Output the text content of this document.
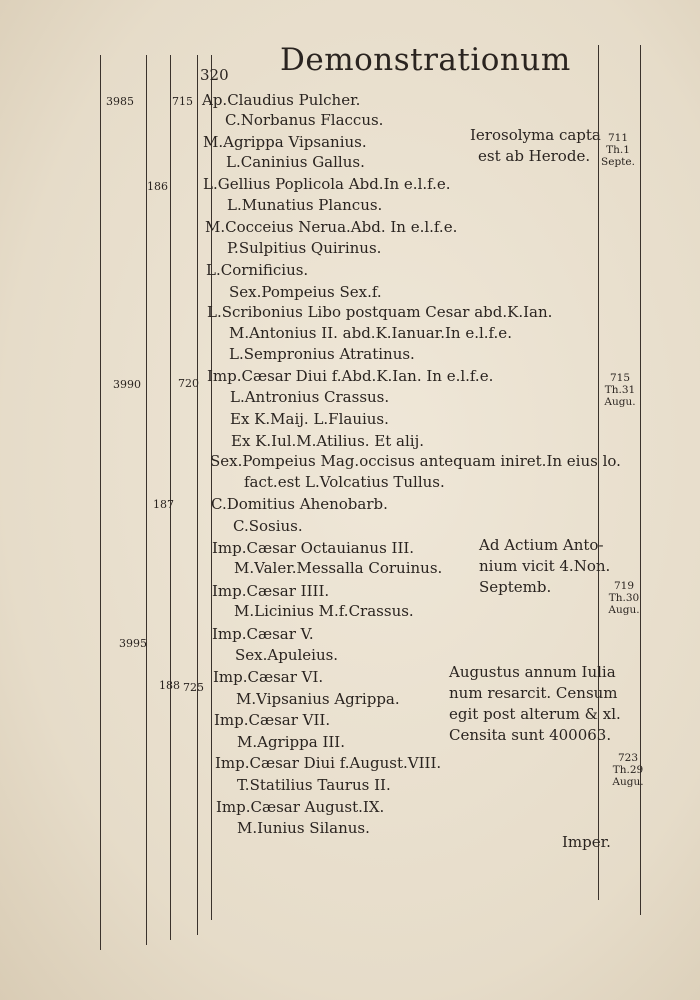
320 Demonstrationum
3985
3990
3995
186
187
188
715
720
725
Ap.Claudius Pulcher.
C.Norbanus Flaccus.
M.Agrippa Vipsanius.
L.Caninius Gallus.
L.Gellius Poplicola Abd.In e.l.f.e.
L.Munatius Plancus.
M.Cocceius Nerua.Abd. In e.l.f.e.
P.Sulpitius Quirinus.
L.Cornificius.
Sex.Pompeius Sex.f.
L.Scribonius Libo postquam Cesar abd.K.Ian.
M.Antonius II. abd.K.Ianuar.In e.l.f.e.
L.Sempronius Atratinus.
Imp.Cæsar Diui f.Abd.K.Ian. In e.l.f.e.
L.Antronius Crassus.
Ex K.Maij. L.Flauius.
Ex K.Iul.M.Atilius. Et alij.
Sex.Pompeius Mag.occisus antequam iniret.In eius lo.
fact.est L.Volcatius Tullus.
C.Domitius Ahenobarb.
C.Sosius.
Imp.Cæsar Octauianus III.
M.Valer.Messalla Coruinus.
Imp.Cæsar IIII.
M.Licinius M.f.Crassus.
Imp.Cæsar V.
Sex.Apuleius.
Imp.Cæsar VI.
M.Vipsanius Agrippa.
Imp.Cæsar VII.
M.Agrippa III.
Imp.Cæsar Diui f.August.VIII.
T.Statilius Taurus II.
Imp.Cæsar August.IX.
M.Iunius Silanus.
Ierosolyma capta
est ab Herode.
Ad Actium Anto-
nium vicit 4.Non.
Septemb.
Augustus annum Iulia
num resarcit. Censum
egit post alterum & xl.
Censita sunt 400063.
711
Th.1
Septe.
715
Th.31
Augu.
719
Th.30
Augu.
723
Th.29
Augu.
Imper.
